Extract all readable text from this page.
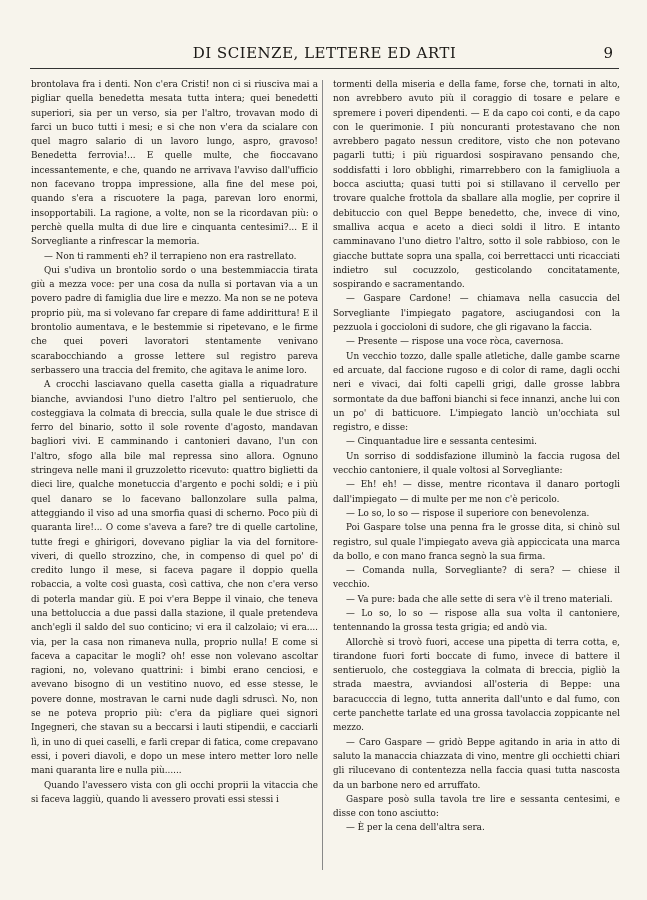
DI SCIENZE, LETTERE ED ARTI	9

brontolava fra i denti. Non c'era Cristi! non ci si riusciva mai a pigliar quella benedetta mesata tutta intera; quei benedetti superiori, sia per un verso, sia per l'altro, trovavan modo di farci un buco tutti i mesi; e si che non v'era da scialare con quel magro salario di un lavoro lungo, aspro, gravoso! Benedetta ferrovia!... E quelle multe, che fioccavano incessantemente, e che, quando ne arrivava l'avviso dall'ufficio non facevano troppa impressione, alla fine del mese poi, quando s'era a riscuotere la paga, parevan loro enormi, insopportabili. La ragione, a volte, non se la ricordavan più: o perchè quella multa di due lire e cinquanta centesimi?... E il Sorvegliante a rinfrescar la memoria.

— Non ti rammenti eh? il terrapieno non era rastrellato.

Qui s'udiva un brontolio sordo o una bestemmiaccia tirata giù a mezza voce: per una cosa da nulla si portavan via a un povero padre di famiglia due lire e mezzo. Ma non se ne poteva proprio più, ma si volevano far crepare di fame addirittura! E il brontolio aumentava, e le bestemmie si ripetevano, e le firme che quei poveri lavoratori stentamente venivano scarabocchiando a grosse lettere sul registro pareva serbassero una traccia del fremito, che agitava le anime loro.

A crocchi lasciavano quella casetta gialla a riquadrature bianche, avviandosi l'uno dietro l'altro pel sentieruolo, che costeggiava la colmata di breccia, sulla quale le due strisce di ferro del binario, sotto il sole rovente d'agosto, mandavan bagliori vivi. E camminando i cantonieri davano, l'un con l'altro, sfogo alla bile mal repressa sino allora. Ognuno stringeva nelle mani il gruzzoletto ricevuto: quattro biglietti da dieci lire, qualche monetuccia d'argento e pochi soldi; e i più quel danaro se lo facevano ballonzolare sulla palma, atteggiando il viso ad una smorfia quasi di scherno. Poco più di quaranta lire!... O come s'aveva a fare? tre di quelle cartoline, tutte fregi e ghirigori, dovevano pigliar la via del fornitore-viveri, di quello strozzino, che, in compenso di quel po' di credito lungo il mese, si faceva pagare il doppio quella robaccia, a volte così guasta, così cattiva, che non c'era verso di poterla mandar giù. E poi v'era Beppe il vinaio, che teneva una bettoluccia a due passi dalla stazione, il quale pretendeva anch'egli il saldo del suo conticino; vi era il calzolaio; vi era.... via, per la casa non rimaneva nulla, proprio nulla! E come si faceva a capacitar le mogli? oh! esse non volevano ascoltar ragioni, no, volevano quattrini: i bimbi erano cenciosi, e avevano bisogno di un vestitino nuovo, ed esse stesse, le povere donne, mostravan le carni nude dagli sdruscì. No, non se ne poteva proprio più: c'era da pigliare quei signori Ingegneri, che stavan su a beccarsi i lauti stipendii, e cacciarli lì, in uno di quei caselli, e farli crepar di fatica, come crepavano essi, i poveri diavoli, e dopo un mese intero metter loro nelle mani quaranta lire e nulla più......

Quando l'avessero vista con gli occhi proprii la vitaccia che si faceva laggiù, quando li avessero provati essi stessi i

tormenti della miseria e della fame, forse che, tornati in alto, non avrebbero avuto più il coraggio di tosare e pelare e spremere i poveri dipendenti. — E da capo coi conti, e da capo con le querimonie. I più noncuranti protestavano che non avrebbero pagato nessun creditore, visto che non potevano pagarli tutti; i più riguardosi sospiravano pensando che, soddisfatti i loro obblighi, rimarrebbero con la famigliuola a bocca asciutta; quasi tutti poi si stillavano il cervello per trovare qualche frottola da sballare alla moglie, per coprire il debituccio con quel Beppe benedetto, che, invece di vino, smalliva acqua e aceto a dieci soldi il litro. E intanto camminavano l'uno dietro l'altro, sotto il sole rabbioso, con le giacche buttate sopra una spalla, coi berrettacci unti ricacciati indietro sul cocuzzolo, gesticolando concitatamente, sospirando e sacramentando.

— Gaspare Cardone! — chiamava nella casuccia del Sorvegliante l'impiegato pagatore, asciugandosi con la pezzuola i goccioloni di sudore, che gli rigavano la faccia.

— Presente — rispose una voce ròca, cavernosa.

Un vecchio tozzo, dalle spalle atletiche, dalle gambe scarne ed arcuate, dal faccione rugoso e di color di rame, dagli occhi neri e vivaci, dai folti capelli grigi, dalle grosse labbra sormontate da due baffoni bianchi si fece innanzi, anche lui con un po' di batticuore. L'impiegato lanciò un'occhiata sul registro, e disse:

— Cinquantadue lire e sessanta centesimi.

Un sorriso di soddisfazione illuminò la faccia rugosa del vecchio cantoniere, il quale voltosi al Sorvegliante:

— Eh! eh! — disse, mentre ricontava il danaro portogli dall'impiegato — di multe per me non c'è pericolo.

— Lo so, lo so — rispose il superiore con benevolenza.

Poi Gaspare tolse una penna fra le grosse dita, si chinò sul registro, sul quale l'impiegato aveva già appiccicata una marca da bollo, e con mano franca segnò la sua firma.

— Comanda nulla, Sorvegliante? di sera? — chiese il vecchio.

— Va pure: bada che alle sette di sera v'è il treno materiali.

— Lo so, lo so — rispose alla sua volta il cantoniere, tentennando la grossa testa grigia; ed andò via.

Allorchè si trovò fuori, accese una pipetta di terra cotta, e, tirandone fuori forti boccate di fumo, invece di battere il sentieruolo, che costeggiava la colmata di breccia, pigliò la strada maestra, avviandosi all'osteria di Beppe: una baracucccia di legno, tutta annerita dall'unto e dal fumo, con certe panchette tarlate ed una grossa tavolaccia zoppicante nel mezzo.

— Caro Gaspare — gridò Beppe agitando in aria in atto di saluto la manaccia chiazzata di vino, mentre gli occhietti chiari gli rilucevano di contentezza nella faccia quasi tutta nascosta da un barbone nero ed arruffato.

Gaspare posò sulla tavola tre lire e sessanta centesimi, e disse con tono asciutto:

— È per la cena dell'altra sera.
